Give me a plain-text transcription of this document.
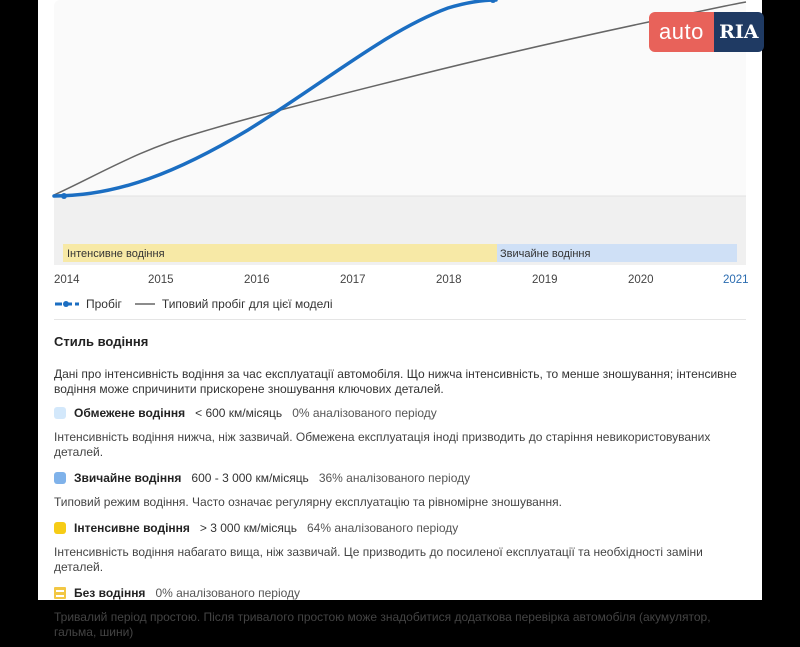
Інтенсивне водіння	Звичайне водіння
2014	2015	2016	2017	2018	2019	2020	2021
auto RIA
Пробіг	Типовий пробіг для цієї моделі
Стиль водіння

Дані про інтенсивність водіння за час експлуатації автомобіля. Що нижча інтенсивність, то менше зношування; інтенсивне водіння може спричинити прискорене зношування ключових деталей.

Обмежене водіння < 600 км/місяць 0% аналізованого періоду
Інтенсивність водіння нижча, ніж зазвичай. Обмежена експлуатація іноді призводить до старіння невикористовуваних деталей.
Звичайне водіння 600 - 3 000 км/місяць 36% аналізованого періоду
Типовий режим водіння. Часто означає регулярну експлуатацію та рівномірне зношування.
Інтенсивне водіння > 3 000 км/місяць 64% аналізованого періоду
Інтенсивність водіння набагато вища, ніж зазвичай. Це призводить до посиленої експлуатації та необхідності заміни деталей.
Без водіння 0% аналізованого періоду
Тривалий період простою. Після тривалого простою може знадобитися додаткова перевірка автомобіля (акумулятор, гальма, шини)
